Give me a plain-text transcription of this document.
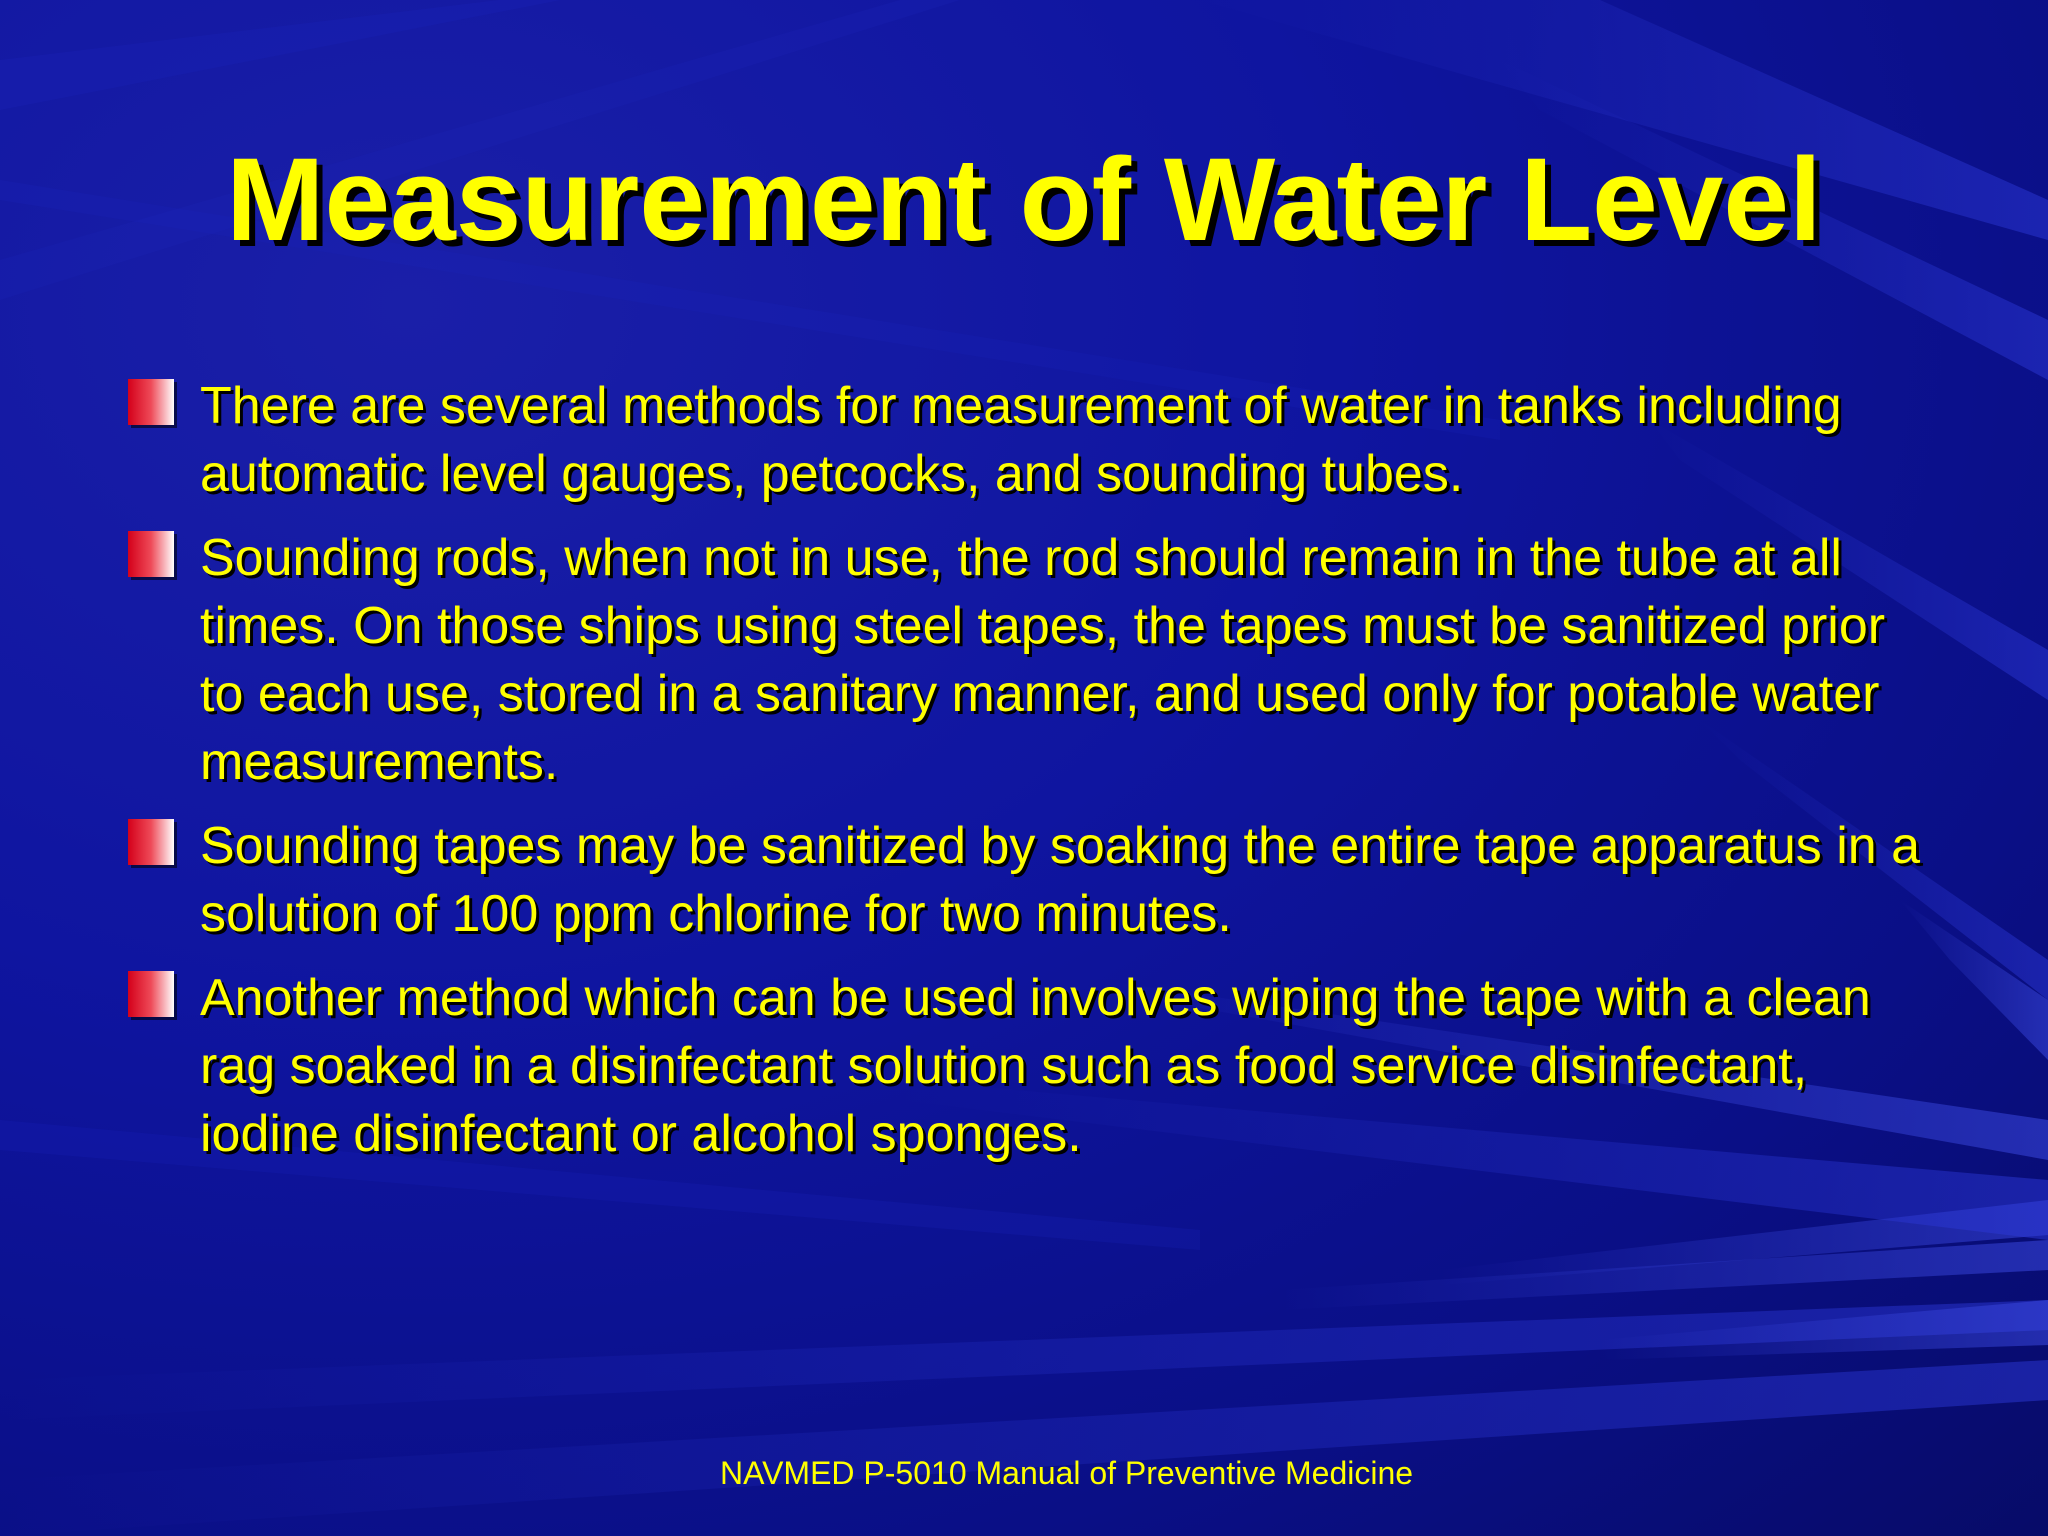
Measurement of Water Level
There are several methods for measurement of water in tanks including automatic level gauges, petcocks, and sounding tubes.
Sounding rods, when not in use, the rod should remain in the tube at all times. On those ships using steel tapes, the tapes must be sanitized prior to each use, stored in a sanitary manner, and used only for potable water measurements.
Sounding tapes may be sanitized by soaking the entire tape apparatus in a solution of 100 ppm chlorine for two minutes.
Another method which can be used involves wiping the tape with a clean rag soaked in a disinfectant solution such as food service disinfectant, iodine disinfectant or alcohol sponges.
NAVMED P-5010 Manual of Preventive Medicine
